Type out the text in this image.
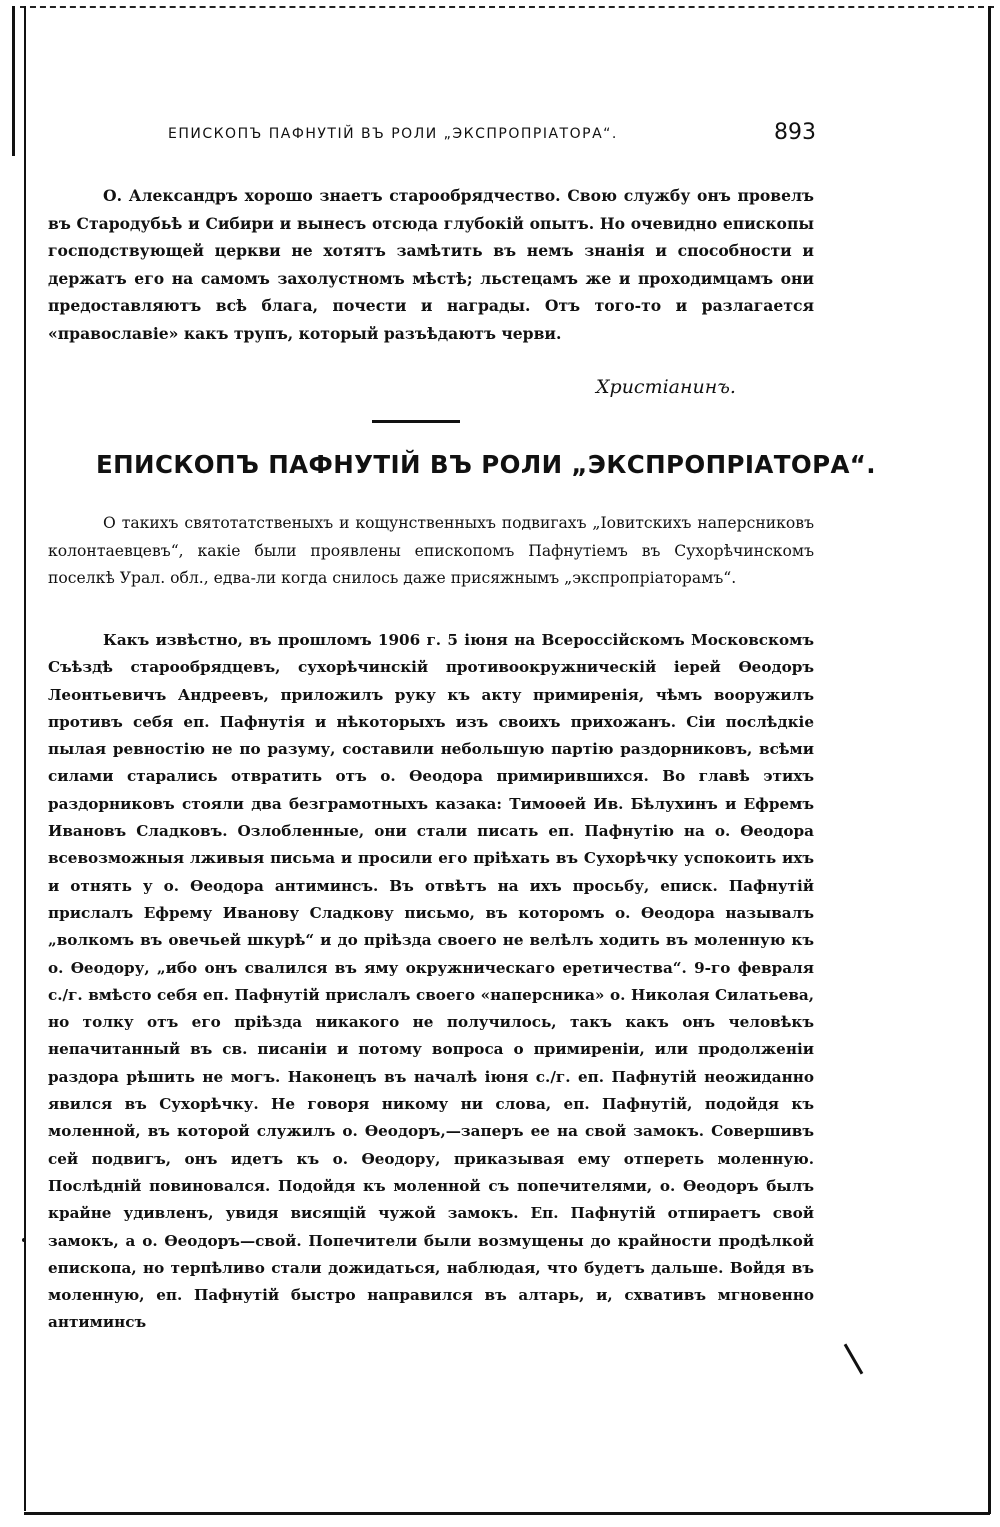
ЕПИСКОПЪ ПАФНУТІЙ ВЪ РОЛИ „ЭКСПРОПРІАТОРА“.	893

О. Александръ хорошо знаетъ старообрядчество. Свою службу онъ провелъ въ Стародубьѣ и Сибири и вынесъ отсюда глубокій опытъ. Но очевидно епископы господствующей церкви не хотятъ замѣтить въ немъ знанія и способности и держатъ его на самомъ захолустномъ мѣстѣ; льстецамъ же и проходимцамъ они предоставляютъ всѣ блага, почести и награды. Отъ того-то и разлагается «православіе» какъ трупъ, который разъѣдаютъ черви.

Христіанинъ.

ЕПИСКОПЪ ПАФНУТІЙ ВЪ РОЛИ „ЭКСПРОПРІАТОРА“.

О такихъ святотатственыхъ и кощунственныхъ подвигахъ „Іовитскихъ наперсниковъ колонтаевцевъ“, какіе были проявлены епископомъ Пафнутіемъ въ Сухорѣчинскомъ поселкѣ Урал. обл., едва-ли когда снилось даже присяжнымъ „экспропріаторамъ“.

Какъ извѣстно, въ прошломъ 1906 г. 5 іюня на Всероссійскомъ Московскомъ Съѣздѣ старообрядцевъ, сухорѣчинскій противоокружническій іерей Ѳеодоръ Леонтьевичъ Андреевъ, приложилъ руку къ акту примиренія, чѣмъ вооружилъ противъ себя еп. Пафнутія и нѣкоторыхъ изъ своихъ прихожанъ. Сіи послѣдкіе пылая ревностію не по разуму, составили небольшую партію раздорниковъ, всѣми силами старались отвратить отъ о. Ѳеодора примирившихся. Во главѣ этихъ раздорниковъ стояли два безграмотныхъ казака: Тимоѳей Ив. Бѣлухинъ и Ефремъ Ивановъ Сладковъ. Озлобленные, они стали писать еп. Пафнутію на о. Ѳеодора всевозможныя лживыя письма и просили его пріѣхать въ Сухорѣчку успокоить ихъ и отнять у о. Ѳеодора антиминсъ. Въ отвѣтъ на ихъ просьбу, еписк. Пафнутій прислалъ Ефрему Иванову Сладкову письмо, въ которомъ о. Ѳеодора называлъ „волкомъ въ овечьей шкурѣ“ и до пріѣзда своего не велѣлъ ходить въ моленную къ о. Ѳеодору, „ибо онъ свалился въ яму окружническаго еретичества“. 9-го февраля с./г. вмѣсто себя еп. Пафнутій прислалъ своего «наперсника» о. Николая Силатьева, но толку отъ его пріѣзда никакого не получилось, такъ какъ онъ человѣкъ непачитанный въ св. писаніи и потому вопроса о примиреніи, или продолженіи раздора рѣшить не могъ. Наконецъ въ началѣ іюня с./г. еп. Пафнутій неожиданно явился въ Сухорѣчку. Не говоря никому ни слова, еп. Пафнутій, подойдя къ моленной, въ которой служилъ о. Ѳеодоръ,—заперъ ее на свой замокъ. Совершивъ сей подвигъ, онъ идетъ къ о. Ѳеодору, приказывая ему отпереть моленную. Послѣдній повиновался. Подойдя къ моленной съ попечителями, о. Ѳеодоръ былъ крайне удивленъ, увидя висящій чужой замокъ. Еп. Пафнутій отпираетъ свой замокъ, а о. Ѳеодоръ—свой. Попечители были возмущены до крайности продѣлкой епископа, но терпѣливо стали дожидаться, наблюдая, что будетъ дальше. Войдя въ моленную, еп. Пафнутій быстро направился въ алтарь, и, схвативъ мгновенно антиминсъ
